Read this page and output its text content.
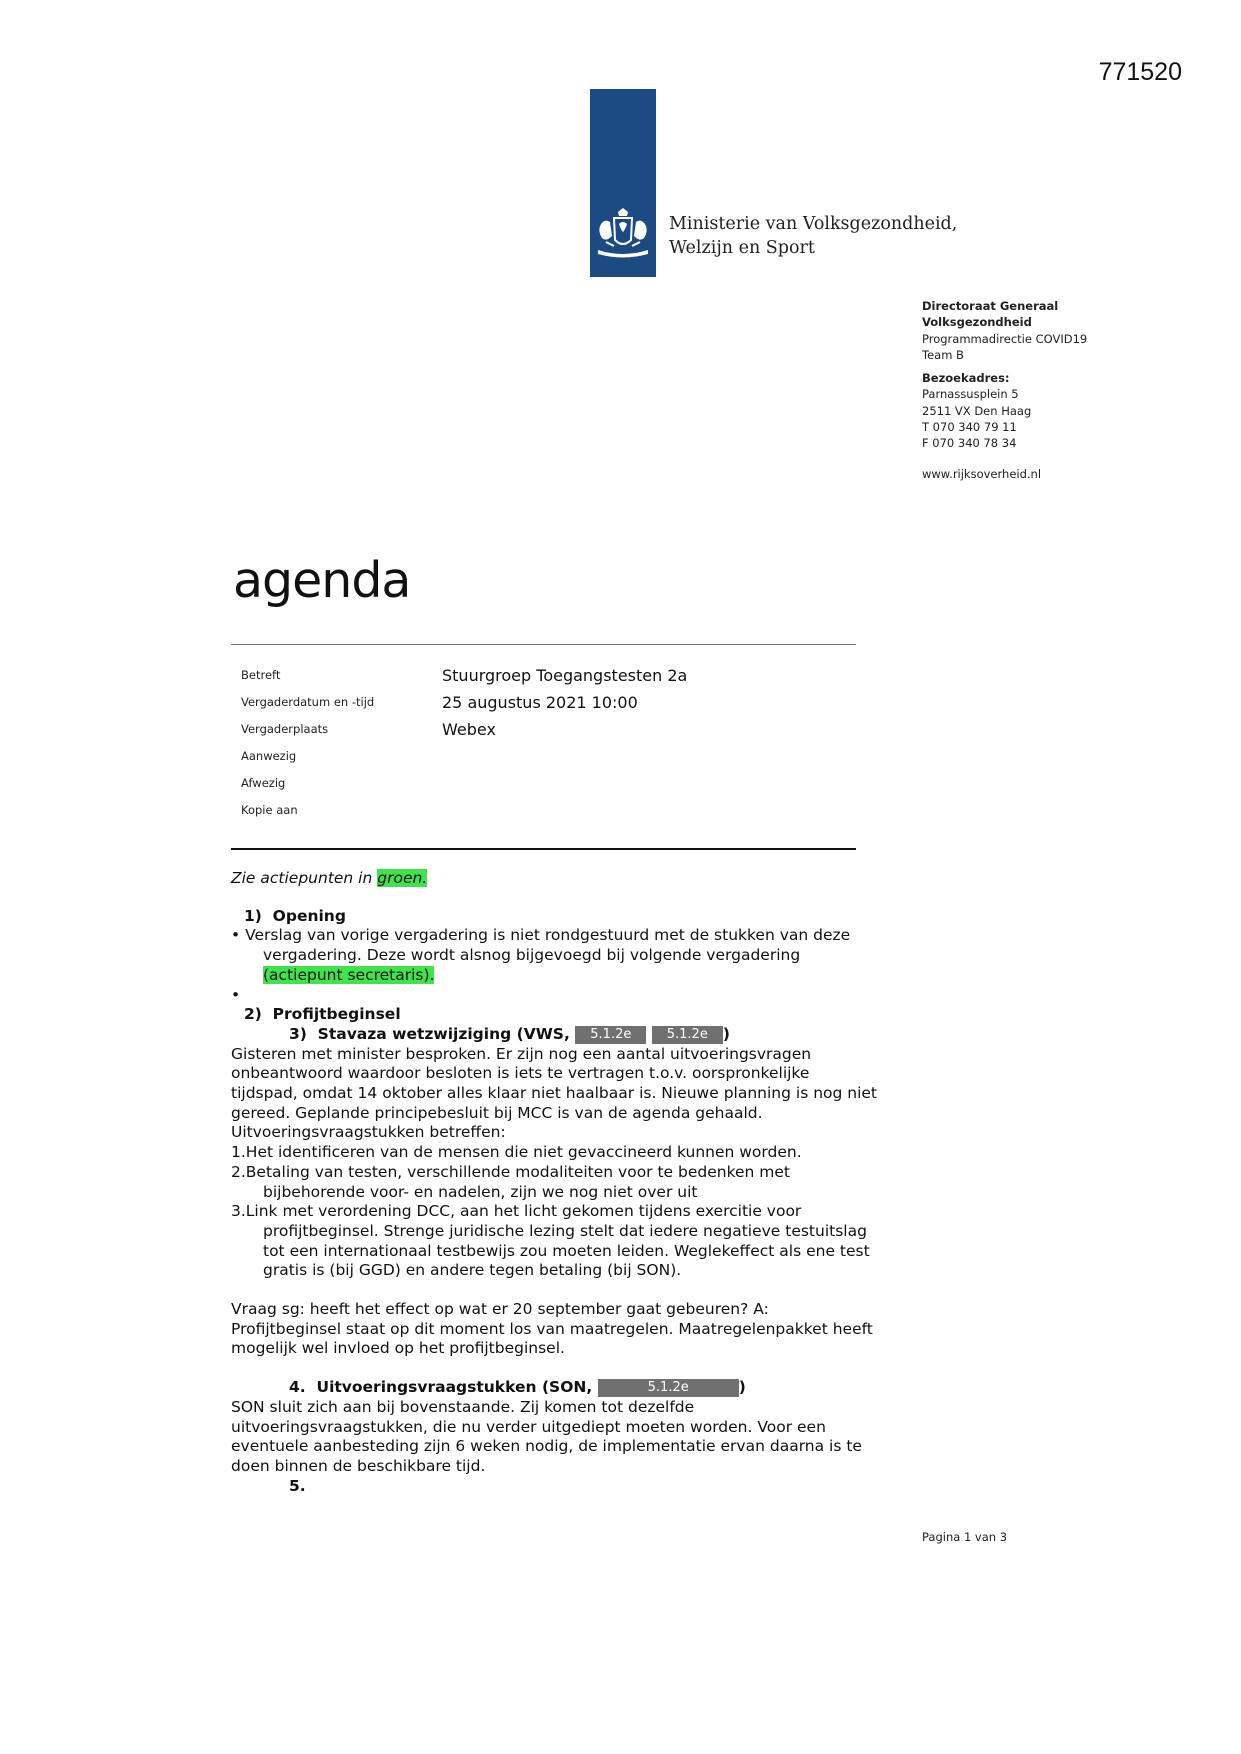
771520
Ministerie van Volksgezondheid,
Welzijn en Sport
Directoraat Generaal
Volksgezondheid
Programmadirectie COVID19
Team B
Bezoekadres:
Parnassusplein 5
2511 VX Den Haag
T 070 340 79 11
F 070 340 78 34
www.rijksoverheid.nl
agenda
Betreft	Stuurgroep Toegangstesten 2a
Vergaderdatum en -tijd	25 augustus 2021 10:00
Vergaderplaats	Webex
Aanwezig
Afwezig
Kopie aan

Zie actiepunten in groen.

1) Opening

• Verslag van vorige vergadering is niet rondgestuurd met de stukken van deze

vergadering. Deze wordt alsnog bijgevoegd bij volgende vergadering

(actiepunt secretaris).

•

2) Profijtbeginsel

3) Stavaza wetzwijziging (VWS, 5.1.2e	5.1.2e )

Gisteren met minister besproken. Er zijn nog een aantal uitvoeringsvragen

onbeantwoord waardoor besloten is iets te vertragen t.o.v. oorspronkelijke

tijdspad, omdat 14 oktober alles klaar niet haalbaar is. Nieuwe planning is nog niet

gereed. Geplande principebesluit bij MCC is van de agenda gehaald.

Uitvoeringsvraagstukken betreffen:

1.Het identificeren van de mensen die niet gevaccineerd kunnen worden.

2.Betaling van testen, verschillende modaliteiten voor te bedenken met

bijbehorende voor- en nadelen, zijn we nog niet over uit

3.Link met verordening DCC, aan het licht gekomen tijdens exercitie voor

profijtbeginsel. Strenge juridische lezing stelt dat iedere negatieve testuitslag

tot een internationaal testbewijs zou moeten leiden. Weglekeffect als ene test

gratis is (bij GGD) en andere tegen betaling (bij SON).

Vraag sg: heeft het effect op wat er 20 september gaat gebeuren? A:

Profijtbeginsel staat op dit moment los van maatregelen. Maatregelenpakket heeft

mogelijk wel invloed op het profijtbeginsel.

4. Uitvoeringsvraagstukken (SON,	5.1.2e	)

SON sluit zich aan bij bovenstaande. Zij komen tot dezelfde

uitvoeringsvraagstukken, die nu verder uitgediept moeten worden. Voor een

eventuele aanbesteding zijn 6 weken nodig, de implementatie ervan daarna is te

doen binnen de beschikbare tijd.

5.

Pagina 1 van 3
